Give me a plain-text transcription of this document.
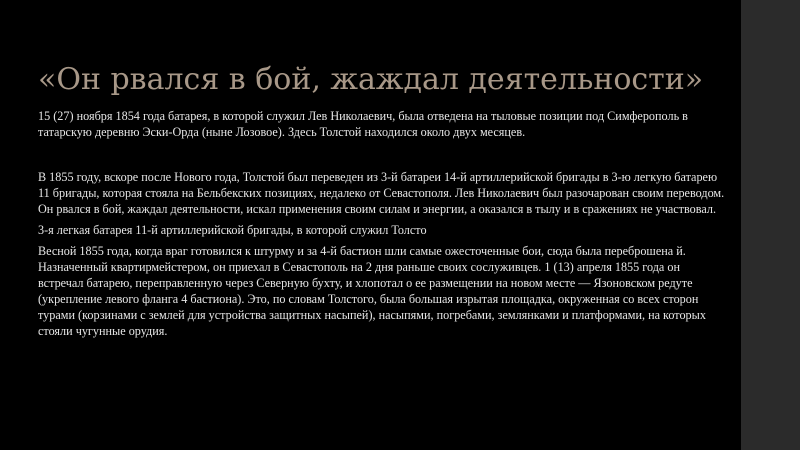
«Он рвался в бой, жаждал деятельности»

15 (27) ноября 1854 года батарея, в которой служил Лев Николаевич, была отведена на тыловые позиции под Симферополь в татарскую деревню Эски-Орда (ныне Лозовое). Здесь Толстой находился около двух месяцев.

В 1855 году, вскоре после Нового года, Толстой был переведен из 3-й батареи 14-й артиллерийской бригады в 3-ю легкую батарею 11 бригады, которая стояла на Бельбекских позициях, недалеко от Севастополя. Лев Николаевич был разочарован своим переводом. Он рвался в бой, жаждал деятельности, искал применения своим силам и энергии, а оказался в тылу и в сражениях не участвовал.

3-я легкая батарея 11-й артиллерийской бригады, в которой служил Толсто

Весной 1855 года, когда враг готовился к штурму и за 4-й бастион шли самые ожесточенные бои, сюда была переброшена й. Назначенный квартирмейстером, он приехал в Севастополь на 2 дня раньше своих сослуживцев. 1 (13) апреля 1855 года он встречал батарею, переправленную через Северную бухту, и хлопотал о ее размещении на новом месте — Язоновском редуте (укрепление левого фланга 4 бастиона). Это, по словам Толстого, была большая изрытая площадка, окруженная со всех сторон турами (корзинами с землей для устройства защитных насыпей), насыпями, погребами, землянками и платформами, на которых стояли чугунные орудия.
